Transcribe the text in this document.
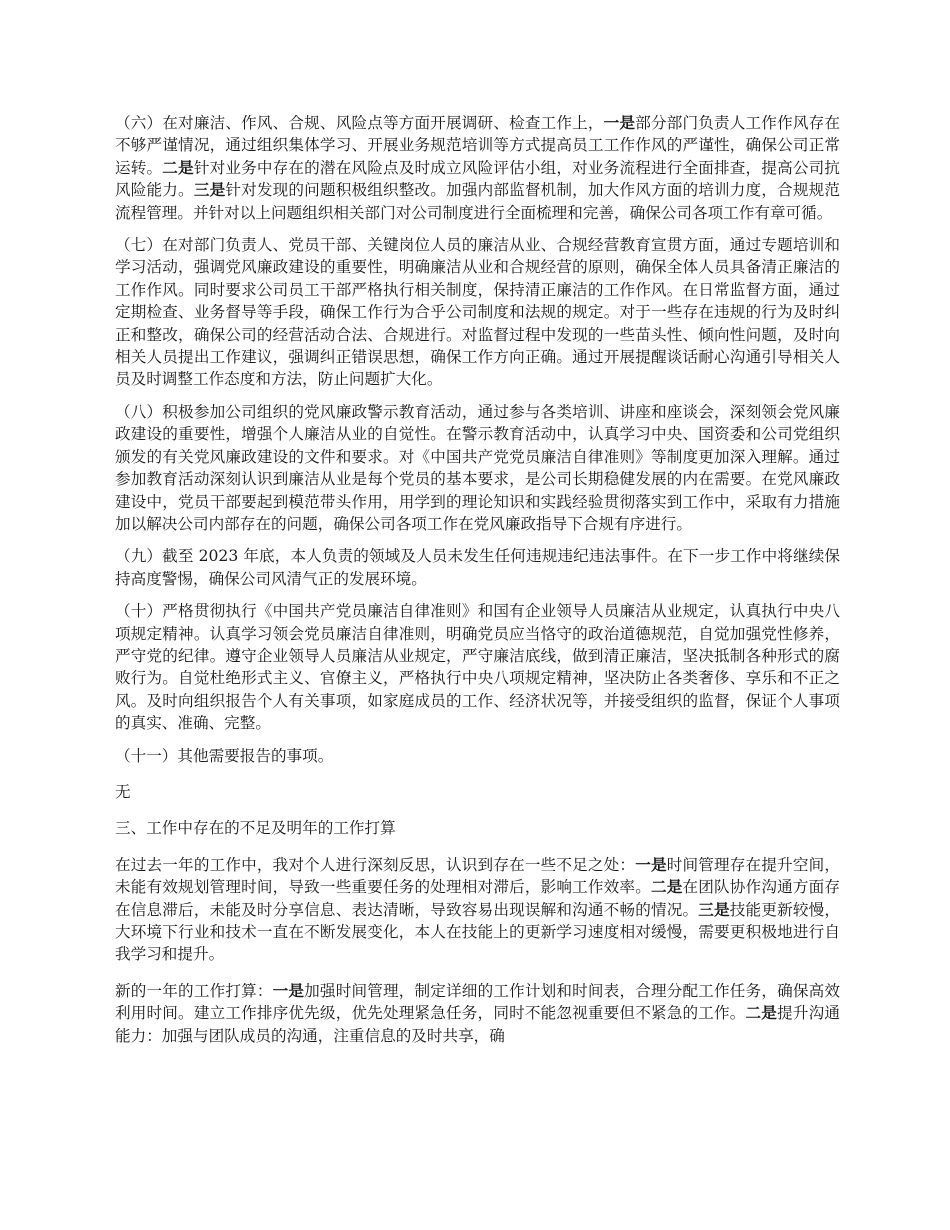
（六）在对廉洁、作风、合规、风险点等方面开展调研、检查工作上，一是部分部门负责人工作作风存在不够严谨情况，通过组织集体学习、开展业务规范培训等方式提高员工工作作风的严谨性，确保公司正常运转。二是针对业务中存在的潜在风险点及时成立风险评估小组，对业务流程进行全面排查，提高公司抗风险能力。三是针对发现的问题积极组织整改。加强内部监督机制，加大作风方面的培训力度，合规规范流程管理。并针对以上问题组织相关部门对公司制度进行全面梳理和完善，确保公司各项工作有章可循。

（七）在对部门负责人、党员干部、关键岗位人员的廉洁从业、合规经营教育宣贯方面，通过专题培训和学习活动，强调党风廉政建设的重要性，明确廉洁从业和合规经营的原则，确保全体人员具备清正廉洁的工作作风。同时要求公司员工干部严格执行相关制度，保持清正廉洁的工作作风。在日常监督方面，通过定期检查、业务督导等手段，确保工作行为合乎公司制度和法规的规定。对于一些存在违规的行为及时纠正和整改，确保公司的经营活动合法、合规进行。对监督过程中发现的一些苗头性、倾向性问题，及时向相关人员提出工作建议，强调纠正错误思想，确保工作方向正确。通过开展提醒谈话耐心沟通引导相关人员及时调整工作态度和方法，防止问题扩大化。

（八）积极参加公司组织的党风廉政警示教育活动，通过参与各类培训、讲座和座谈会，深刻领会党风廉政建设的重要性，增强个人廉洁从业的自觉性。在警示教育活动中，认真学习中央、国资委和公司党组织颁发的有关党风廉政建设的文件和要求。对《中国共产党党员廉洁自律准则》等制度更加深入理解。通过参加教育活动深刻认识到廉洁从业是每个党员的基本要求，是公司长期稳健发展的内在需要。在党风廉政建设中，党员干部要起到模范带头作用，用学到的理论知识和实践经验贯彻落实到工作中，采取有力措施加以解决公司内部存在的问题，确保公司各项工作在党风廉政指导下合规有序进行。

（九）截至 2023 年底，本人负责的领域及人员未发生任何违规违纪违法事件。在下一步工作中将继续保持高度警惕，确保公司风清气正的发展环境。

（十）严格贯彻执行《中国共产党员廉洁自律准则》和国有企业领导人员廉洁从业规定，认真执行中央八项规定精神。认真学习领会党员廉洁自律准则，明确党员应当恪守的政治道德规范，自觉加强党性修养，严守党的纪律。遵守企业领导人员廉洁从业规定，严守廉洁底线，做到清正廉洁，坚决抵制各种形式的腐败行为。自觉杜绝形式主义、官僚主义，严格执行中央八项规定精神，坚决防止各类奢侈、享乐和不正之风。及时向组织报告个人有关事项，如家庭成员的工作、经济状况等，并接受组织的监督，保证个人事项的真实、准确、完整。

（十一）其他需要报告的事项。

无

三、工作中存在的不足及明年的工作打算

在过去一年的工作中，我对个人进行深刻反思，认识到存在一些不足之处：一是时间管理存在提升空间，未能有效规划管理时间，导致一些重要任务的处理相对滞后，影响工作效率。二是在团队协作沟通方面存在信息滞后，未能及时分享信息、表达清晰，导致容易出现误解和沟通不畅的情况。三是技能更新较慢，大环境下行业和技术一直在不断发展变化，本人在技能上的更新学习速度相对缓慢，需要更积极地进行自我学习和提升。

新的一年的工作打算：一是加强时间管理，制定详细的工作计划和时间表，合理分配工作任务，确保高效利用时间。建立工作排序优先级，优先处理紧急任务，同时不能忽视重要但不紧急的工作。二是提升沟通能力：加强与团队成员的沟通，注重信息的及时共享，确
